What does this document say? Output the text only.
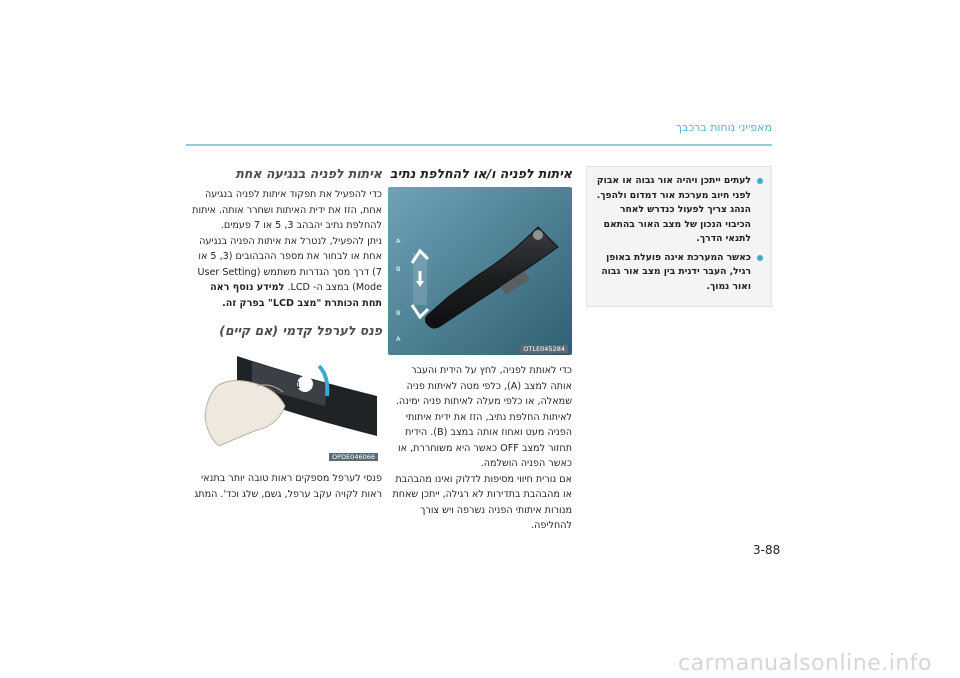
מאפייני נוחות ברכבך
לעתים ייתכן ויהיה אור גבוה או אבוק לפני חיוב מערכת אור דמדום ולהפך. הנהג צריך לפעול כנדרש לאחר הכיבוי הנכון של מצב האור בהתאם לתנאי הדרך.
כאשר המערכת אינה פועלת באופן רגיל, העבר ידנית בין מצב אור גבוה ואור נמוך.
איתות לפניה ו/או להחלפת נתיב
A
B
B
A
OTLE045284

כדי לאותת לפניה, לחץ על הידית והעבר אותה למצב (A), כלפי מטה לאיתות פניה שמאלה, או כלפי מעלה לאיתות פניה ימינה. לאיתות החלפת נתיב, הזז את ידית איתותי הפניה מעט ואחוז אותה במצב (B). הידית תחזור למצב OFF כאשר היא משוחררת, או כאשר הפניה הושלמה.

אם נורית חיווי מסיפות לדלוק ואינו מהבהבת או מהבהבת בתדירות לא רגילה, ייתכן שאחת מנורות איתותי הפניה נשרפה ויש צורך להחליפה.

איתות לפניה בנגיעה אחת

כדי להפעיל את תפקוד איתות לפניה בנגיעה אחת, הזז את ידית האיתות ושחרר אותה. איתות להחלפת נתיב יהבהב 3, 5 או 7 פעמים.

ניתן להפעיל, לנטרל את איתות הפניה בנגיעה אחת או לבחור את מספר ההבהובים (3, 5 או 7) דרך מסך הגדרות משתמש (User Setting Mode) במצב ה- LCD. למידע נוסף ראה תחת הכותרת "מצב LCD" בפרק זה.

פנס לערפל קדמי (אם קיים)
1
OPDE046066

פנסי לערפל מספקים ראות טובה יותר בתנאי ראות לקויה עקב ערפל, גשם, שלג וכד'. המתג

3-88
carmanualsonline.info
